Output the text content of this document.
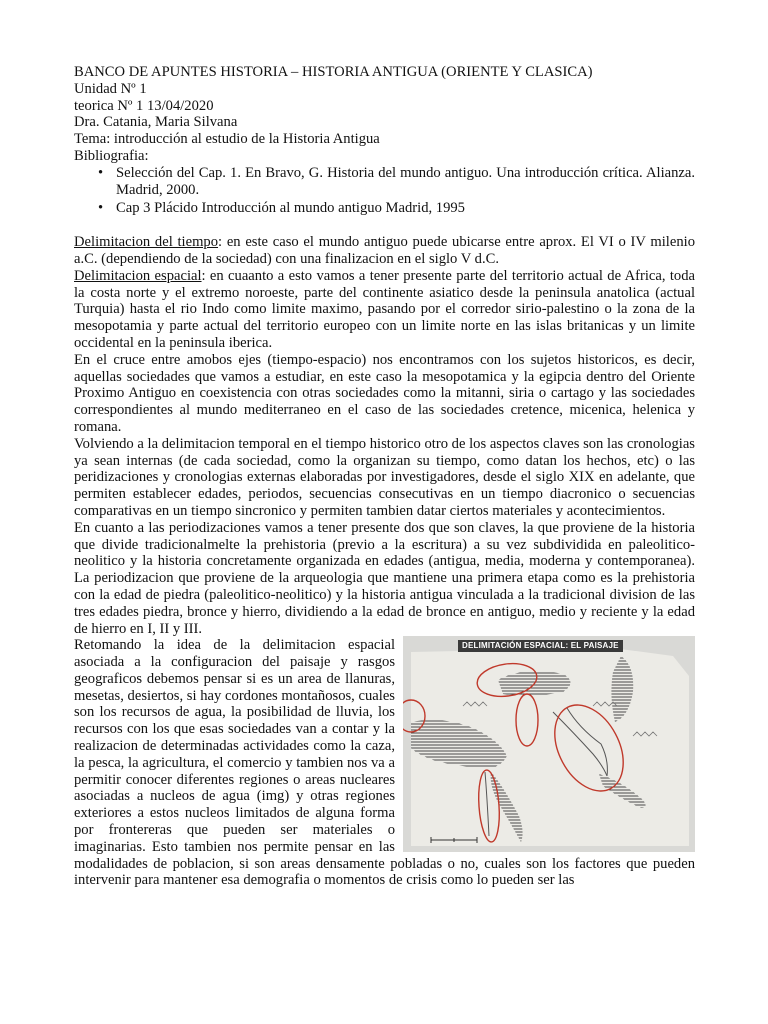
BANCO DE APUNTES HISTORIA – HISTORIA ANTIGUA (ORIENTE Y CLASICA)

Unidad Nº 1

teorica Nº 1 13/04/2020

Dra. Catania, Maria Silvana

Tema: introducción al estudio de la Historia Antigua

Bibliografia:

• Selección del Cap. 1. En Bravo, G. Historia del mundo antiguo. Una introducción crítica. Alianza. Madrid, 2000.
• Cap 3 Plácido Introducción al mundo antiguo Madrid, 1995

Delimitacion del tiempo: en este caso el mundo antiguo puede ubicarse entre aprox. El VI o IV milenio a.C. (dependiendo de la sociedad) con una finalizacion en el siglo V d.C.

Delimitacion espacial: en cuaanto a esto vamos a tener presente parte del territorio actual de Africa, toda la costa norte y el extremo noroeste, parte del continente asiatico desde la peninsula anatolica (actual Turquia) hasta el rio Indo como limite maximo, pasando por el corredor sirio-palestino o la zona de la mesopotamia y parte actual del territorio europeo con un limite norte en las islas britanicas y un limite occidental en la peninsula iberica.

En el cruce entre amobos ejes (tiempo-espacio) nos encontramos con los sujetos historicos, es decir, aquellas sociedades que vamos a estudiar, en este caso la mesopotamica y la egipcia dentro del Oriente Proximo Antiguo en coexistencia con otras sociedades como la mitanni, siria o cartago y las sociedades correspondientes al mundo mediterraneo en el caso de las sociedades cretence, micenica, helenica y romana.

Volviendo a la delimitacion temporal en el tiempo historico otro de los aspectos claves son las cronologias ya sean internas (de cada sociedad, como la organizan su tiempo, como datan los hechos, etc) o las peridizaciones y cronologias externas elaboradas por investigadores, desde el siglo XIX en adelante, que permiten establecer edades, periodos, secuencias consecutivas en un tiempo diacronico o secuencias comparativas en un tiempo sincronico y permiten tambien datar ciertos materiales y acontecimientos.

En cuanto a las periodizaciones vamos a tener presente dos que son claves, la que proviene de la historia que divide tradicionalmelte la prehistoria (previo a la escritura) a su vez subdividida en paleolitico-neolitico y la historia concretamente organizada en edades (antigua, media, moderna y contemporanea). La periodizacion que proviene de la arqueologia que mantiene una primera etapa como es la prehistoria con la edad de piedra (paleolitico-neolitico) y la historia antigua vinculada a la tradicional division de las tres edades piedra, bronce y hierro, dividiendo a la edad de bronce en antiguo, medio y reciente y la edad de hierro en I, II y III.

DELIMITACIÓN ESPACIAL: EL PAISAJE

Retomando la idea de la delimitacion espacial asociada a la configuracion del paisaje y rasgos geograficos debemos pensar si es un area de llanuras, mesetas, desiertos, si hay cordones montañosos, cuales son los recursos de agua, la posibilidad de lluvia, los recursos con los que esas sociedades van a contar y la realizacion de determinadas actividades como la caza, la pesca, la agricultura, el comercio y tambien nos va a permitir conocer diferentes regiones o areas nucleares asociadas a nucleos de agua (img) y otras regiones exteriores a estos nucleos limitados de alguna forma por frontereras que pueden ser materiales o imaginarias. Esto tambien nos permite pensar en las modalidades de poblacion, si son areas densamente pobladas o no, cuales son los factores que pueden intervenir para mantener esa demografia o momentos de crisis como lo pueden ser las
